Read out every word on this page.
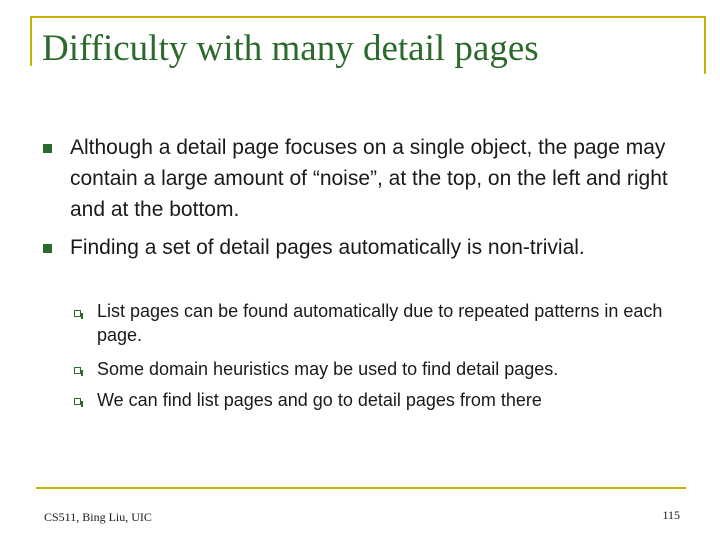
Difficulty with many detail pages
Although a detail page focuses on a single object, the page may contain a large amount of “noise”, at the top, on the left and right and at the bottom.
Finding a set of detail pages automatically is non-trivial.
List pages can be found automatically due to repeated patterns in each page.
Some domain heuristics may be used to find detail pages.
We can find list pages and go to detail pages from there
CS511, Bing Liu, UIC	115
